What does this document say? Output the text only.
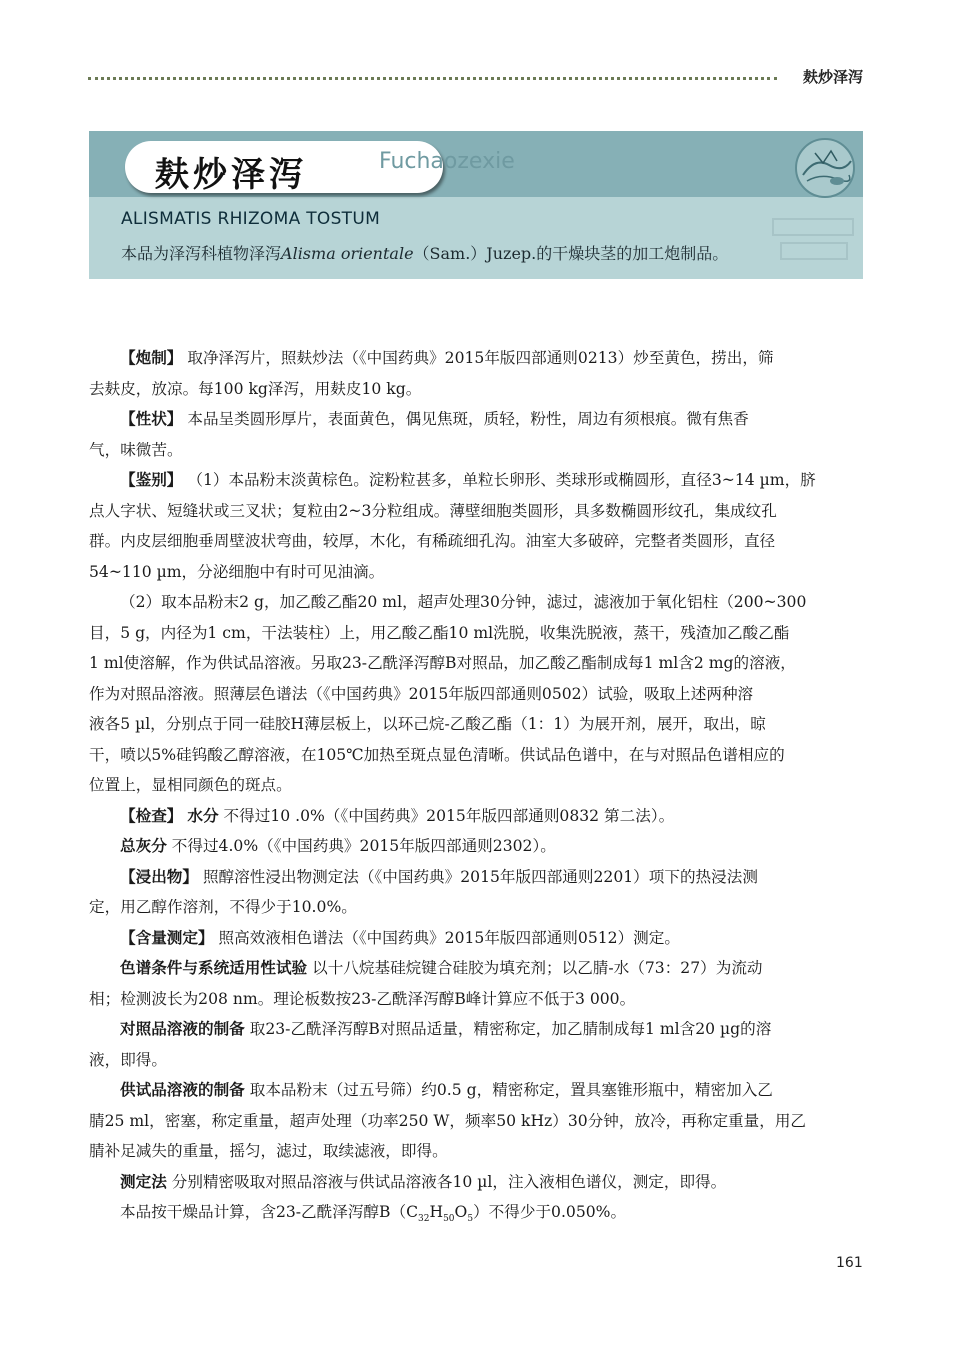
麸炒泽泻
麸炒泽泻	Fuchaozexie
ALISMATIS RHIZOMA TOSTUM
本品为泽泻科植物泽泻Alisma orientale（Sam.）Juzep.的干燥块茎的加工炮制品。

【炮制】 取净泽泻片，照麸炒法（《中国药典》2015年版四部通则0213）炒至黄色，捞出，筛

去麸皮，放凉。每100 kg泽泻，用麸皮10 kg。

【性状】 本品呈类圆形厚片，表面黄色，偶见焦斑，质轻，粉性，周边有须根痕。微有焦香

气，味微苦。

【鉴别】 （1）本品粉末淡黄棕色。淀粉粒甚多，单粒长卵形、类球形或椭圆形，直径3~14 µm，脐

点人字状、短缝状或三叉状；复粒由2~3分粒组成。薄壁细胞类圆形，具多数椭圆形纹孔，集成纹孔

群。内皮层细胞垂周壁波状弯曲，较厚，木化，有稀疏细孔沟。油室大多破碎，完整者类圆形，直径

54~110 µm，分泌细胞中有时可见油滴。

（2）取本品粉末2 g，加乙酸乙酯20 ml，超声处理30分钟，滤过，滤液加于氧化铝柱（200~300

目，5 g，内径为1 cm，干法装柱）上，用乙酸乙酯10 ml洗脱，收集洗脱液，蒸干，残渣加乙酸乙酯

1 ml使溶解，作为供试品溶液。另取23-乙酰泽泻醇B对照品，加乙酸乙酯制成每1 ml含2 mg的溶液，

作为对照品溶液。照薄层色谱法（《中国药典》2015年版四部通则0502）试验，吸取上述两种溶

液各5 µl，分别点于同一硅胶H薄层板上，以环己烷-乙酸乙酯（1：1）为展开剂，展开，取出，晾

干，喷以5%硅钨酸乙醇溶液，在105℃加热至斑点显色清晰。供试品色谱中，在与对照品色谱相应的

位置上，显相同颜色的斑点。

【检查】 水分 不得过10 .0%（《中国药典》2015年版四部通则0832 第二法）。

总灰分 不得过4.0%（《中国药典》2015年版四部通则2302）。

【浸出物】 照醇溶性浸出物测定法（《中国药典》2015年版四部通则2201）项下的热浸法测

定，用乙醇作溶剂，不得少于10.0%。

【含量测定】 照高效液相色谱法（《中国药典》2015年版四部通则0512）测定。

色谱条件与系统适用性试验 以十八烷基硅烷键合硅胶为填充剂；以乙腈-水（73：27）为流动

相；检测波长为208 nm。理论板数按23-乙酰泽泻醇B峰计算应不低于3 000。

对照品溶液的制备 取23-乙酰泽泻醇B对照品适量，精密称定，加乙腈制成每1 ml含20 µg的溶

液，即得。

供试品溶液的制备 取本品粉末（过五号筛）约0.5 g，精密称定，置具塞锥形瓶中，精密加入乙

腈25 ml，密塞，称定重量，超声处理（功率250 W，频率50 kHz）30分钟，放冷，再称定重量，用乙

腈补足减失的重量，摇匀，滤过，取续滤液，即得。

测定法 分别精密吸取对照品溶液与供试品溶液各10 µl，注入液相色谱仪，测定，即得。

本品按干燥品计算，含23-乙酰泽泻醇$B(C_{32}H_{50}O_5)$不得少于0.050%。

161
